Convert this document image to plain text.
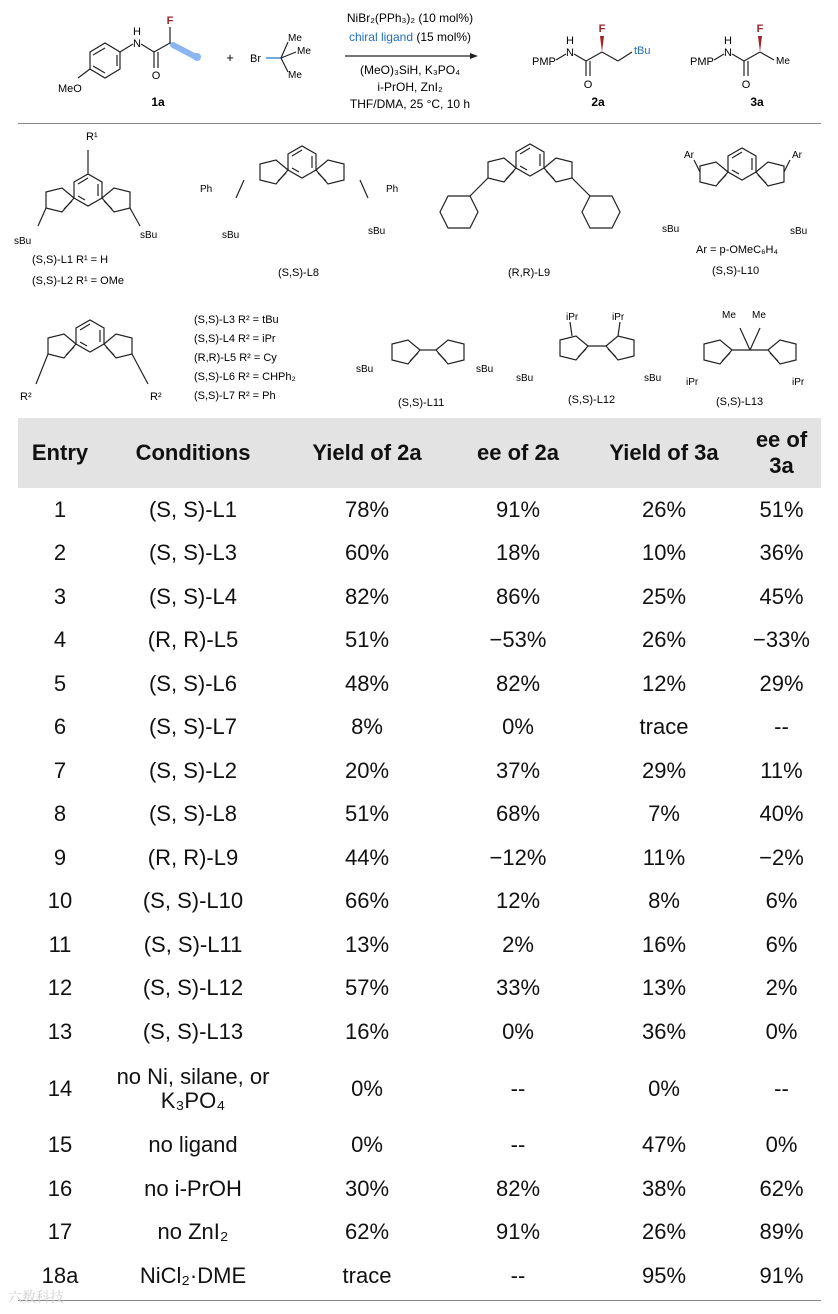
F
H
N
O
MeO
1a
+ Br
Me
Me
Me
NiBr₂(PPh₃)₂ (10 mol%)
chiral ligand (15 mol%)
(MeO)₃SiH, K₃PO₄
i-PrOH, ZnI₂
THF/DMA, 25 °C, 10 h
PMP
F
H
N
O
tBu
2a
PMP
F
H
N
O
Me
3a
R¹
sBu
sBu
(S,S)-L1 R¹ = H
(S,S)-L2 R¹ = OMe
Ph	Ph
sBu	sBu
(S,S)-L8	(R,R)-L9
Ar	Ar
sBu	sBu
Ar = p-OMeC₆H₄
(S,S)-L10
R²	R²
(S,S)-L3 R² = tBu
(S,S)-L4 R² = iPr
(R,R)-L5 R² = Cy
(S,S)-L6 R² = CHPh₂
(S,S)-L7 R² = Ph
sBu	sBu
(S,S)-L11
iPr	iPr
sBu	sBu
(S,S)-L12
Me Me
iPr	iPr
(S,S)-L13
Entry	Conditions	Yield of 2a	ee of 2a	Yield of 3a	ee of 3a
1	(S, S)-L1	78%	91%	26%	51%
2	(S, S)-L3	60%	18%	10%	36%
3	(S, S)-L4	82%	86%	25%	45%
4	(R, R)-L5	51%	−53%	26%	−33%
5	(S, S)-L6	48%	82%	12%	29%
6	(S, S)-L7	8%	0%	trace	--
7	(S, S)-L2	20%	37%	29%	11%
8	(S, S)-L8	51%	68%	7%	40%
9	(R, R)-L9	44%	−12%	11%	−2%
10	(S, S)-L10	66%	12%	8%	6%
11	(S, S)-L11	13%	2%	16%	6%
12	(S, S)-L12	57%	33%	13%	2%
13	(S, S)-L13	16%	0%	36%	0%
14	no Ni, silane, or K₃PO₄	0%	--	0%	--
15	no ligand	0%	--	47%	0%
16	no i-PrOH	30%	82%	38%	62%
17	no ZnI₂	62%	91%	26%	89%
18a	NiCl₂·DME	trace	--	95%	91%
六数科技
